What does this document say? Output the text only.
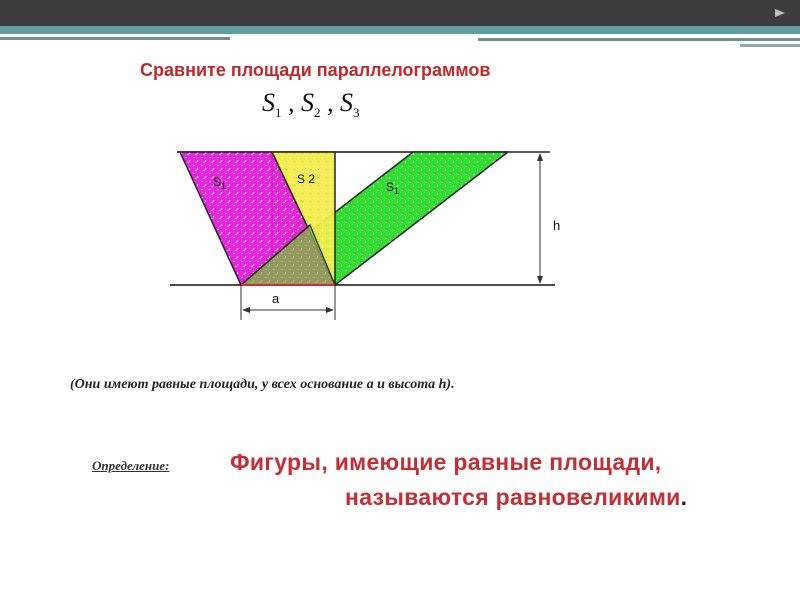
Сравните площади параллелограммов
$S_1$ , $S_2$ , $S_3$
$S_1$	S 2
$S_1$
h
a
(Они имеют равные площади, у всех основание a и высота h).
Определение:	Фигуры, имеющие равные площади,
называются равновеликими.
